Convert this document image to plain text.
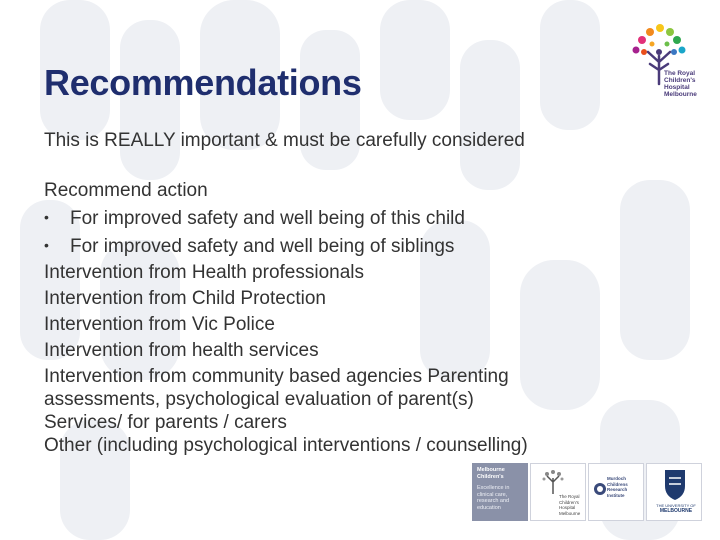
Recommendations	The Royal
Children's
Hospital
Melbourne

This is REALLY important & must be carefully considered

Recommend action

• For improved safety and well being of this child

• For improved safety and well being of siblings

Intervention from Health professionals

Intervention from Child Protection

Intervention from Vic Police

Intervention from health services

Intervention from community based agencies Parenting

assessments, psychological evaluation of parent(s)

Services/ for parents / carers

Other (including psychological interventions / counselling)

Melbourne
Children's
Excellence in
clinical care,
research and
education
The Royal
Children's
Hospital
Melbourne
Murdoch
Childrens
Research
Institute
THE UNIVERSITY OF
MELBOURNE
